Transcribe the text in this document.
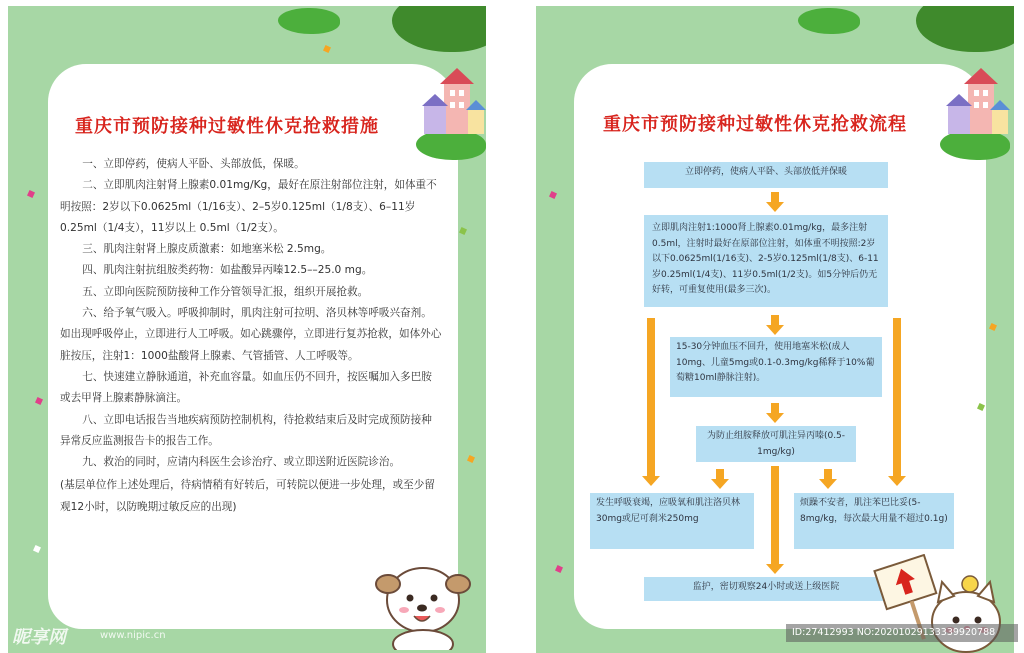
重庆市预防接种过敏性休克抢救措施

一、立即停药，使病人平卧、头部放低，保暖。

二、立即肌肉注射肾上腺素0.01mg/Kg，最好在原注射部位注射，如体重不明按照：2岁以下0.0625ml（1/16支）、2–5岁0.125ml（1/8支）、6–11岁 0.25ml（1/4支），11岁以上 0.5ml（1/2支）。

三、肌肉注射肾上腺皮质激素：如地塞米松 2.5mg。

四、肌肉注射抗组胺类药物：如盐酸异丙嗪12.5––25.0 mg。

五、立即向医院预防接种工作分管领导汇报，组织开展抢救。

六、给予氧气吸入。呼吸抑制时，肌肉注射可拉明、洛贝林等呼吸兴奋剂。如出现呼吸停止，立即进行人工呼吸。如心跳骤停，立即进行复苏抢救，如体外心脏按压，注射1：1000盐酸肾上腺素、气管插管、人工呼吸等。

七、快速建立静脉通道，补充血容量。如血压仍不回升，按医嘱加入多巴胺或去甲肾上腺素静脉滴注。

八、立即电话报告当地疾病预防控制机构，待抢救结束后及时完成预防接种异常反应监测报告卡的报告工作。

九、救治的同时，应请内科医生会诊治疗、或立即送附近医院诊治。

(基层单位作上述处理后，待病情稍有好转后，可转院以便进一步处理，或至少留观12小时，以防晚期过敏反应的出现)

重庆市预防接种过敏性休克抢救流程
立即停药，使病人平卧、头部放低并保暖
立即肌肉注射1:1000肾上腺素0.01mg/kg，最多注射0.5ml，注射时最好在原部位注射，如体重不明按照:2岁以下0.0625ml(1/16支)、2-5岁0.125ml(1/8支)、6-11岁0.25ml(1/4支)、11岁0.5ml(1/2支)。如5分钟后仍无好转，可重复使用(最多三次)。
15-30分钟血压不回升，使用地塞米松(成人10mg、儿童5mg或0.1-0.3mg/kg稀释于10%葡萄糖10ml静脉注射)。
为防止组胺释放可肌注异丙嗪(0.5-1mg/kg)
发生呼吸衰竭，应吸氧和肌注洛贝林30mg或尼可刹米250mg
烦躁不安者，肌注苯巴比妥(5-8mg/kg，每次最大用量不超过0.1g)
监护，密切观察24小时或送上级医院
昵享网	www.nipic.cn	ID:27412993 NO:20201029133339920788
